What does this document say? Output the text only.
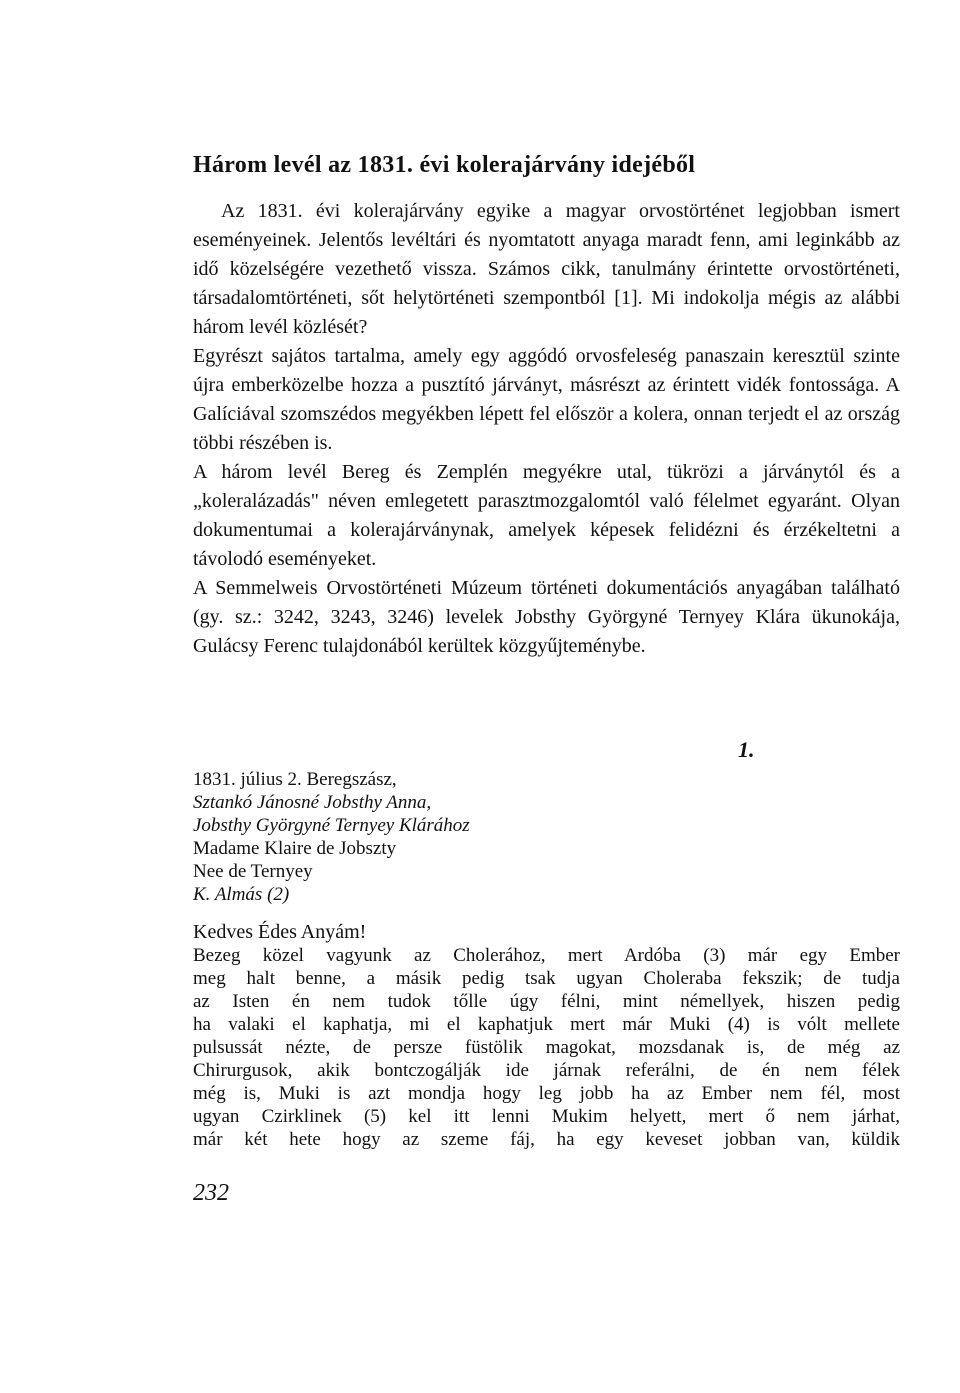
Három levél az 1831. évi kolerajárvány idejéből

Az 1831. évi kolerajárvány egyike a magyar orvostörténet legjobban ismert eseményeinek. Jelentős levéltári és nyomtatott anyaga maradt fenn, ami leginkább az idő közelségére vezethető vissza. Számos cikk, tanulmány érintette orvostörténeti, társadalomtörténeti, sőt helytörténeti szempontból [1]. Mi indokolja mégis az alábbi három levél közlését?

Egyrészt sajátos tartalma, amely egy aggódó orvosfeleség panaszain keresztül szinte újra emberközelbe hozza a pusztító járványt, másrészt az érintett vidék fontossága. A Galíciával szomszédos megyékben lépett fel először a kolera, onnan terjedt el az ország többi részében is.

A három levél Bereg és Zemplén megyékre utal, tükrözi a járványtól és a „koleralázadás" néven emlegetett parasztmozgalomtól való félelmet egyaránt. Olyan dokumentumai a kolerajárványnak, amelyek képesek felidézni és érzékeltetni a távolodó eseményeket.

A Semmelweis Orvostörténeti Múzeum történeti dokumentációs anyagában található (gy. sz.: 3242, 3243, 3246) levelek Jobsthy Györgyné Ternyey Klára ükunokája, Gulácsy Ferenc tulajdonából kerültek közgyűjteménybe.

1.
1831. július 2. Beregszász,
Sztankó Jánosné Jobsthy Anna,
Jobsthy Györgyné Ternyey Klárához
Madame Klaire de Jobszty
Nee de Ternyey
K. Almás (2)
Kedves Édes Anyám!

Bezeg közel vagyunk az Cholerához, mert Ardóba (3) már egy Ember

meg halt benne, a másik pedig tsak ugyan Choleraba fekszik; de tudja

az Isten én nem tudok tőlle úgy félni, mint némellyek, hiszen pedig

ha valaki el kaphatja, mi el kaphatjuk mert már Muki (4) is vólt mellete

pulsussát nézte, de persze füstölik magokat, mozsdanak is, de még az

Chirurgusok, akik bontczogálják ide járnak referálni, de én nem félek

még is, Muki is azt mondja hogy leg jobb ha az Ember nem fél, most

ugyan Czirklinek (5) kel itt lenni Mukim helyett, mert ő nem járhat,

már két hete hogy az szeme fáj, ha egy keveset jobban van, küldik

232
